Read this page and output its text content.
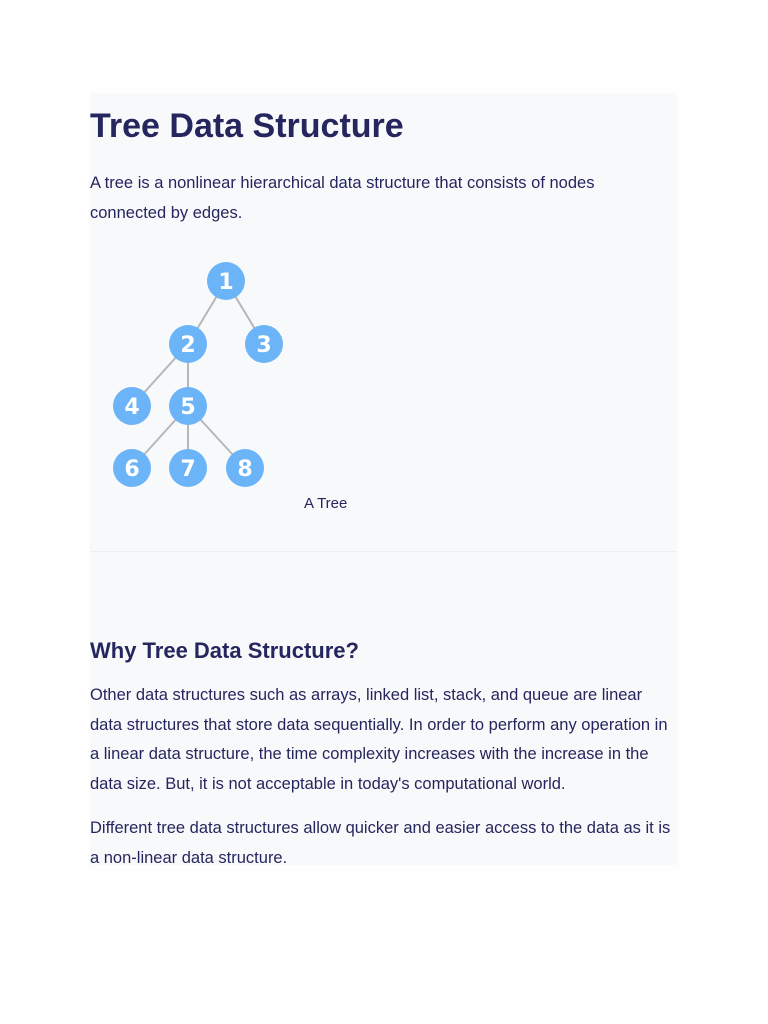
Tree Data Structure

A tree is a nonlinear hierarchical data structure that consists of nodes connected by edges.

1
2	3
4 5
6 7 8
A Tree
Why Tree Data Structure?

Other data structures such as arrays, linked list, stack, and queue are linear data structures that store data sequentially. In order to perform any operation in a linear data structure, the time complexity increases with the increase in the data size. But, it is not acceptable in today's computational world.

Different tree data structures allow quicker and easier access to the data as it is a non-linear data structure.
